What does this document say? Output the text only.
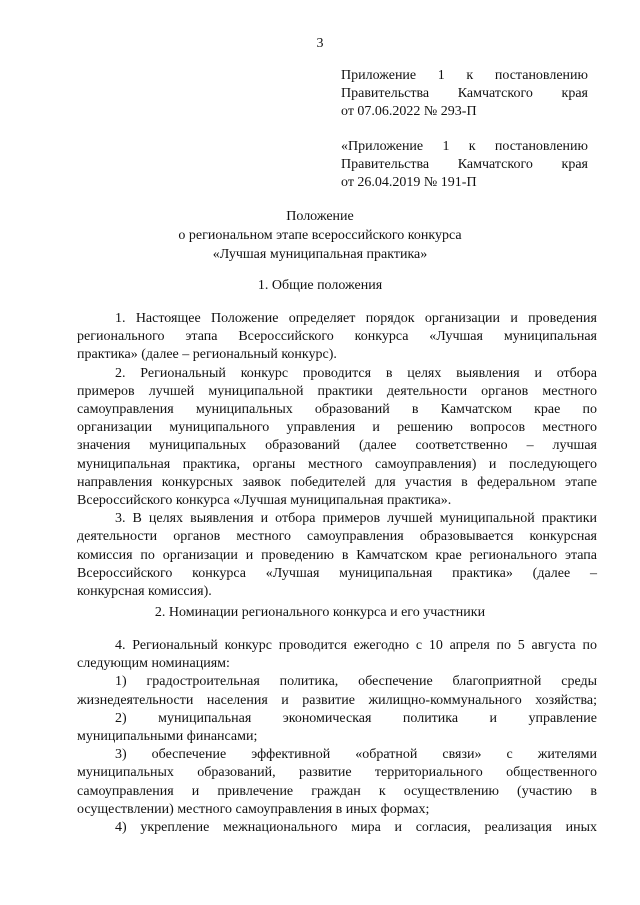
3
Приложение 1 к постановлению
Правительства Камчатского края
от 07.06.2022 № 293-П
«Приложение 1 к постановлению
Правительства Камчатского края
от 26.04.2019 № 191-П
Положение
о региональном этапе всероссийского конкурса
«Лучшая муниципальная практика»
1. Общие положения
1. Настоящее Положение определяет порядок организации и проведения
регионального этапа Всероссийского конкурса «Лучшая муниципальная
практика» (далее – региональный конкурс).
2. Региональный конкурс проводится в целях выявления и отбора
примеров лучшей муниципальной практики деятельности органов местного
самоуправления муниципальных образований в Камчатском крае по
организации муниципального управления и решению вопросов местного
значения муниципальных образований (далее соответственно – лучшая
муниципальная практика, органы местного самоуправления) и последующего
направления конкурсных заявок победителей для участия в федеральном этапе
Всероссийского конкурса «Лучшая муниципальная практика».
3. В целях выявления и отбора примеров лучшей муниципальной практики
деятельности органов местного самоуправления образовывается конкурсная
комиссия по организации и проведению в Камчатском крае регионального этапа
Всероссийского конкурса «Лучшая муниципальная практика» (далее –
конкурсная комиссия).
2. Номинации регионального конкурса и его участники
4. Региональный конкурс проводится ежегодно с 10 апреля по 5 августа по
следующим номинациям:
1) градостроительная политика, обеспечение благоприятной среды
жизнедеятельности населения и развитие жилищно-коммунального хозяйства;
2) муниципальная экономическая политика и управление
муниципальными финансами;
3) обеспечение эффективной «обратной связи» с жителями
муниципальных образований, развитие территориального общественного
самоуправления и привлечение граждан к осуществлению (участию в
осуществлении) местного самоуправления в иных формах;
4) укрепление межнационального мира и согласия, реализация иных
